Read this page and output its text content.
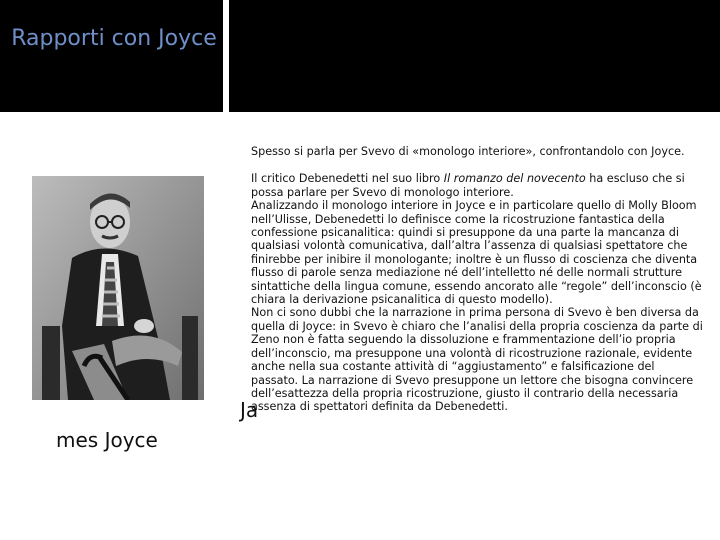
Rapporti con Joyce
mes Joyce
Ja

Spesso si parla per Svevo di «monologo interiore», confrontandolo con Joyce.

Il critico Debenedetti nel suo libro Il romanzo del novecento ha escluso che si possa parlare per Svevo di monologo interiore.

Analizzando il monologo interiore in Joyce e in particolare quello di Molly Bloom nell’Ulisse, Debenedetti lo definisce come la ricostruzione fantastica della confessione psicanalitica: quindi si presuppone da una parte la mancanza di qualsiasi volontà comunicativa, dall’altra l’assenza di qualsiasi spettatore che finirebbe per inibire il monologante; inoltre è un flusso di coscienza che diventa flusso di parole senza mediazione né dell’intelletto né delle normali strutture sintattiche della lingua comune, essendo ancorato alle “regole” dell’inconscio (è chiara la derivazione psicanalitica di questo modello).

Non ci sono dubbi che la narrazione in prima persona di Svevo è ben diversa da quella di Joyce: in Svevo è chiaro che l’analisi della propria coscienza da parte di Zeno non è fatta seguendo la dissoluzione e frammentazione dell’io propria dell’inconscio, ma presuppone una volontà di ricostruzione razionale, evidente anche nella sua costante attività di “aggiustamento” e falsificazione del passato. La narrazione di Svevo presuppone un lettore che bisogna convincere dell’esattezza della propria ricostruzione, giusto il contrario della necessaria assenza di spettatori definita da Debenedetti.
